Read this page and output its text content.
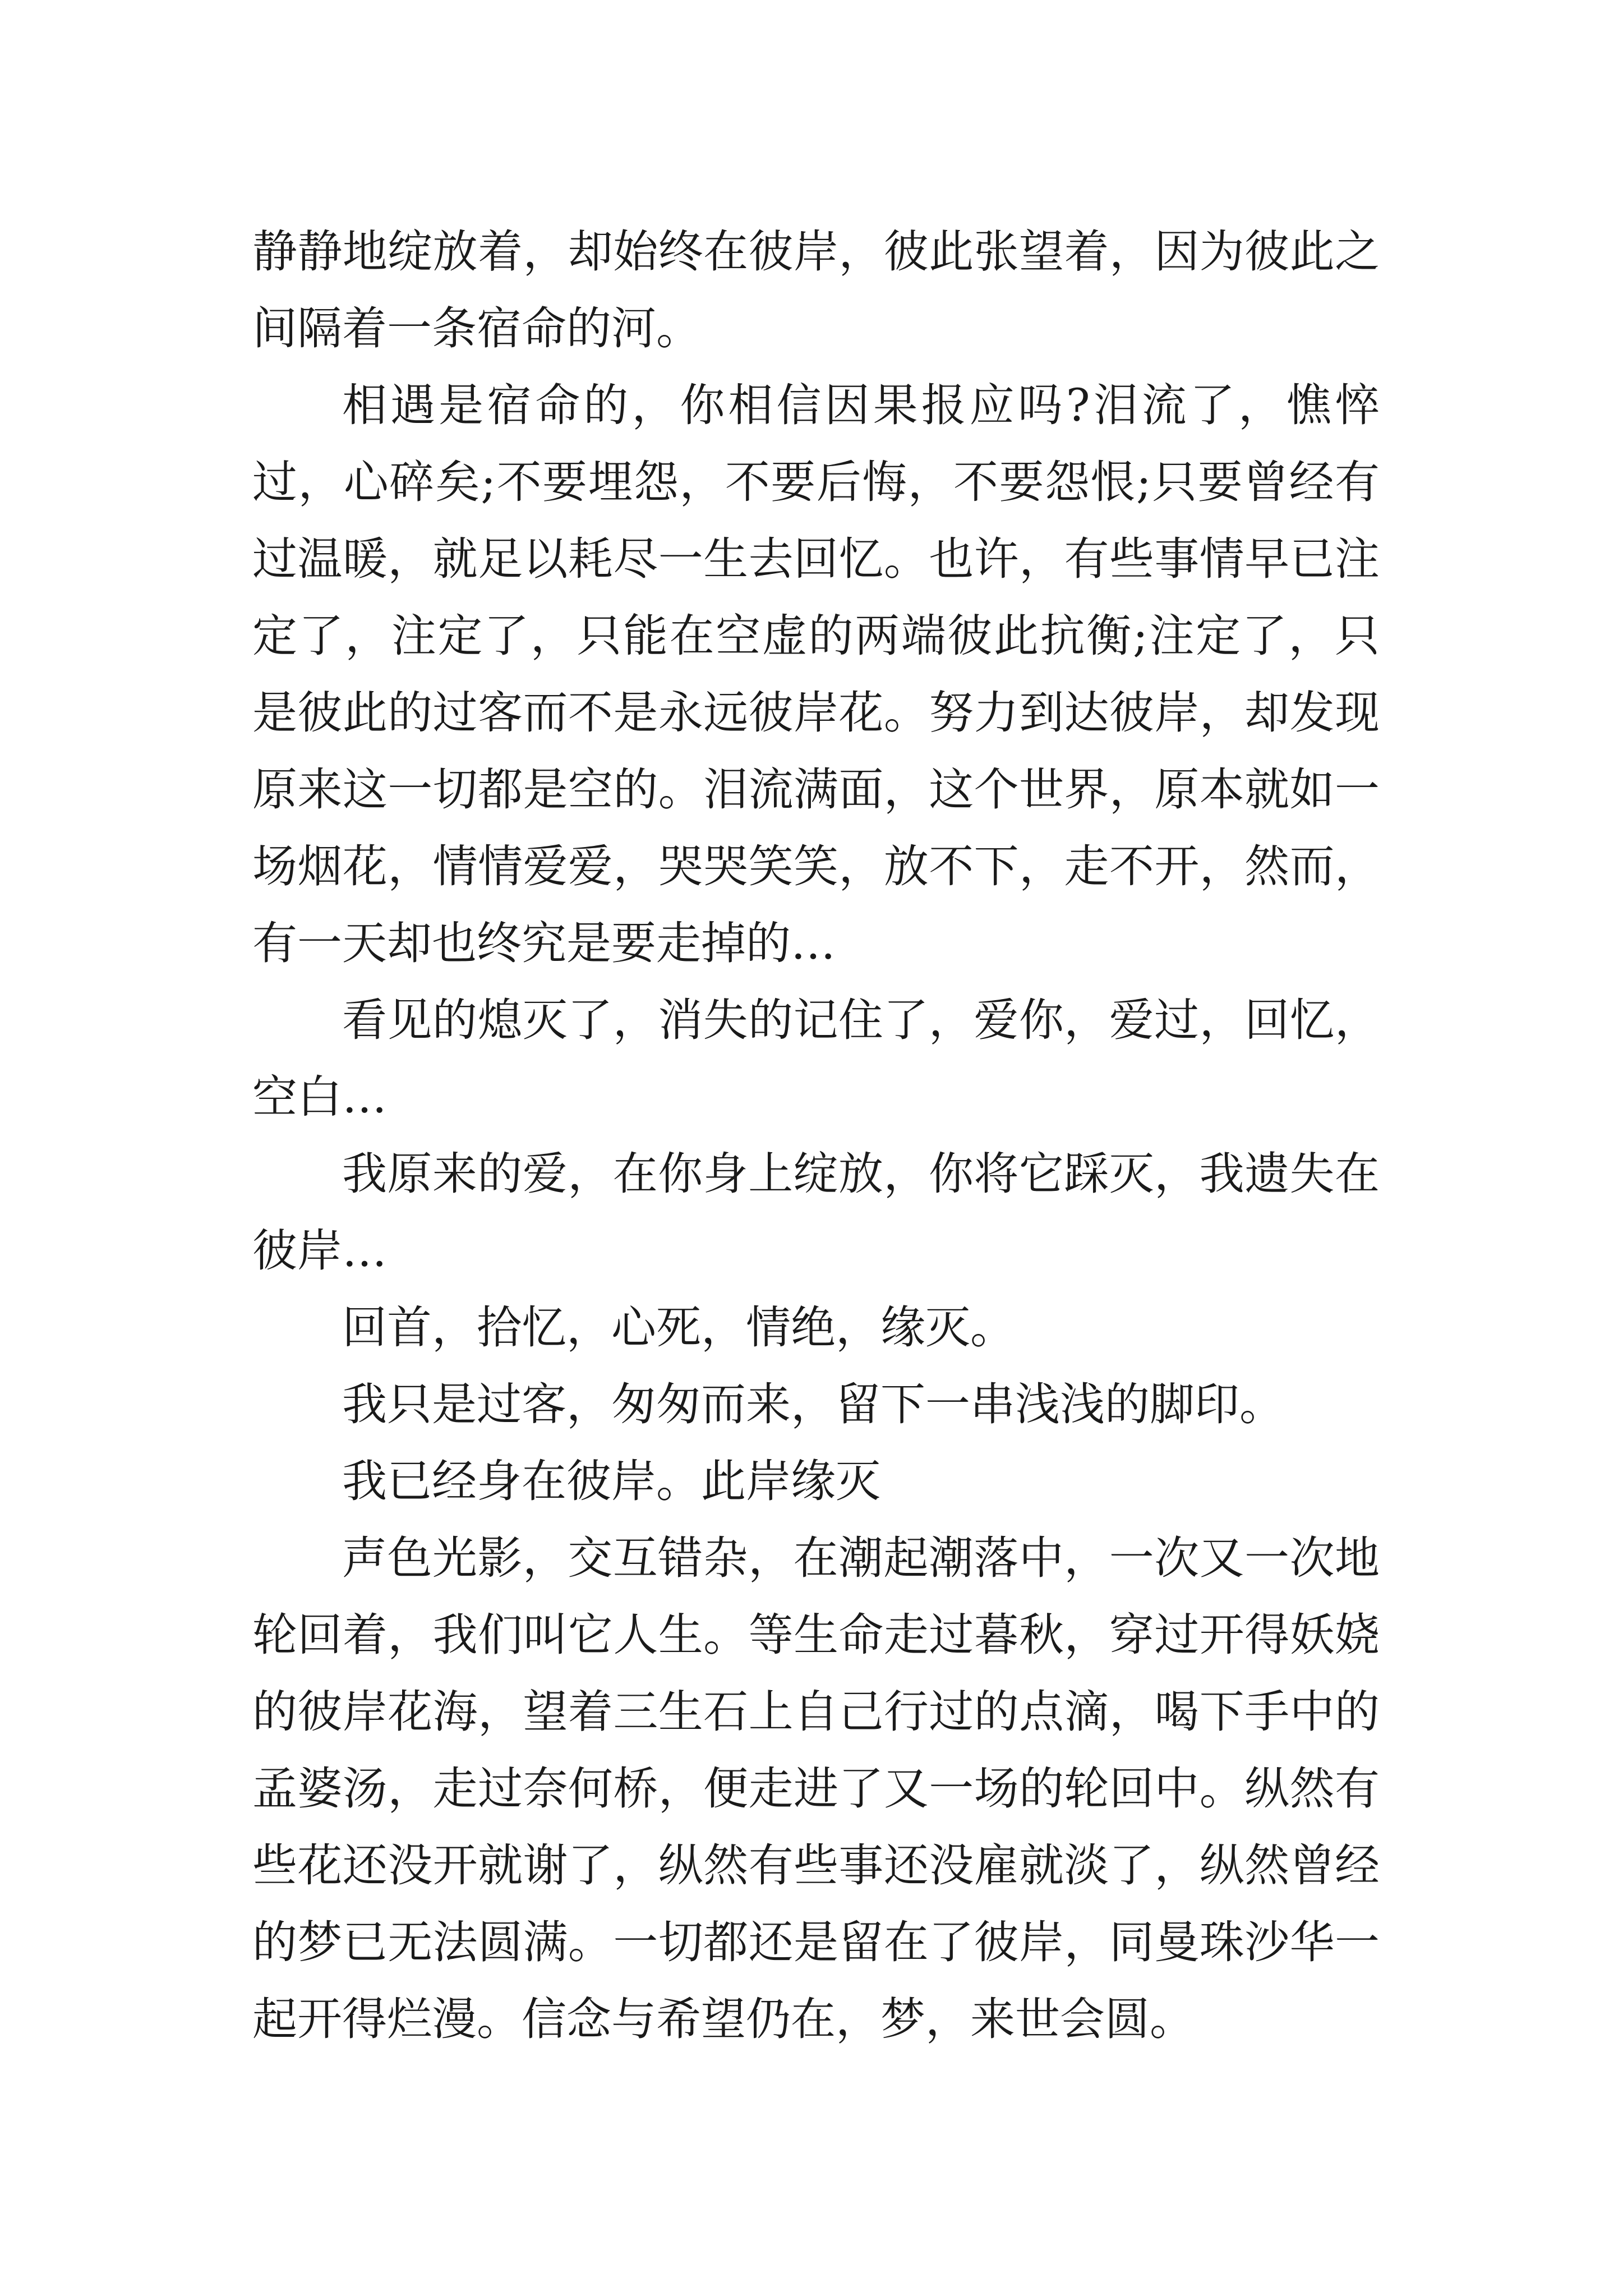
静静地绽放着，却始终在彼岸，彼此张望着，因为彼此之间隔着一条宿命的河。

相遇是宿命的，你相信因果报应吗?泪流了，憔悴过，心碎矣;不要埋怨，不要后悔，不要怨恨;只要曾经有过温暖，就足以耗尽一生去回忆。也许，有些事情早已注定了，注定了，只能在空虚的两端彼此抗衡;注定了，只是彼此的过客而不是永远彼岸花。努力到达彼岸，却发现原来这一切都是空的。泪流满面，这个世界，原本就如一场烟花，情情爱爱，哭哭笑笑，放不下，走不开，然而，有一天却也终究是要走掉的…

看见的熄灭了，消失的记住了，爱你，爱过，回忆，空白…

我原来的爱，在你身上绽放，你将它踩灭，我遗失在彼岸…

回首，拾忆，心死，情绝，缘灭。

我只是过客，匆匆而来，留下一串浅浅的脚印。

我已经身在彼岸。此岸缘灭

声色光影，交互错杂，在潮起潮落中，一次又一次地轮回着，我们叫它人生。等生命走过暮秋，穿过开得妖娆的彼岸花海，望着三生石上自己行过的点滴，喝下手中的孟婆汤，走过奈何桥，便走进了又一场的轮回中。纵然有些花还没开就谢了，纵然有些事还没雇就淡了，纵然曾经的梦已无法圆满。一切都还是留在了彼岸，同曼珠沙华一起开得烂漫。信念与希望仍在，梦，来世会圆。
